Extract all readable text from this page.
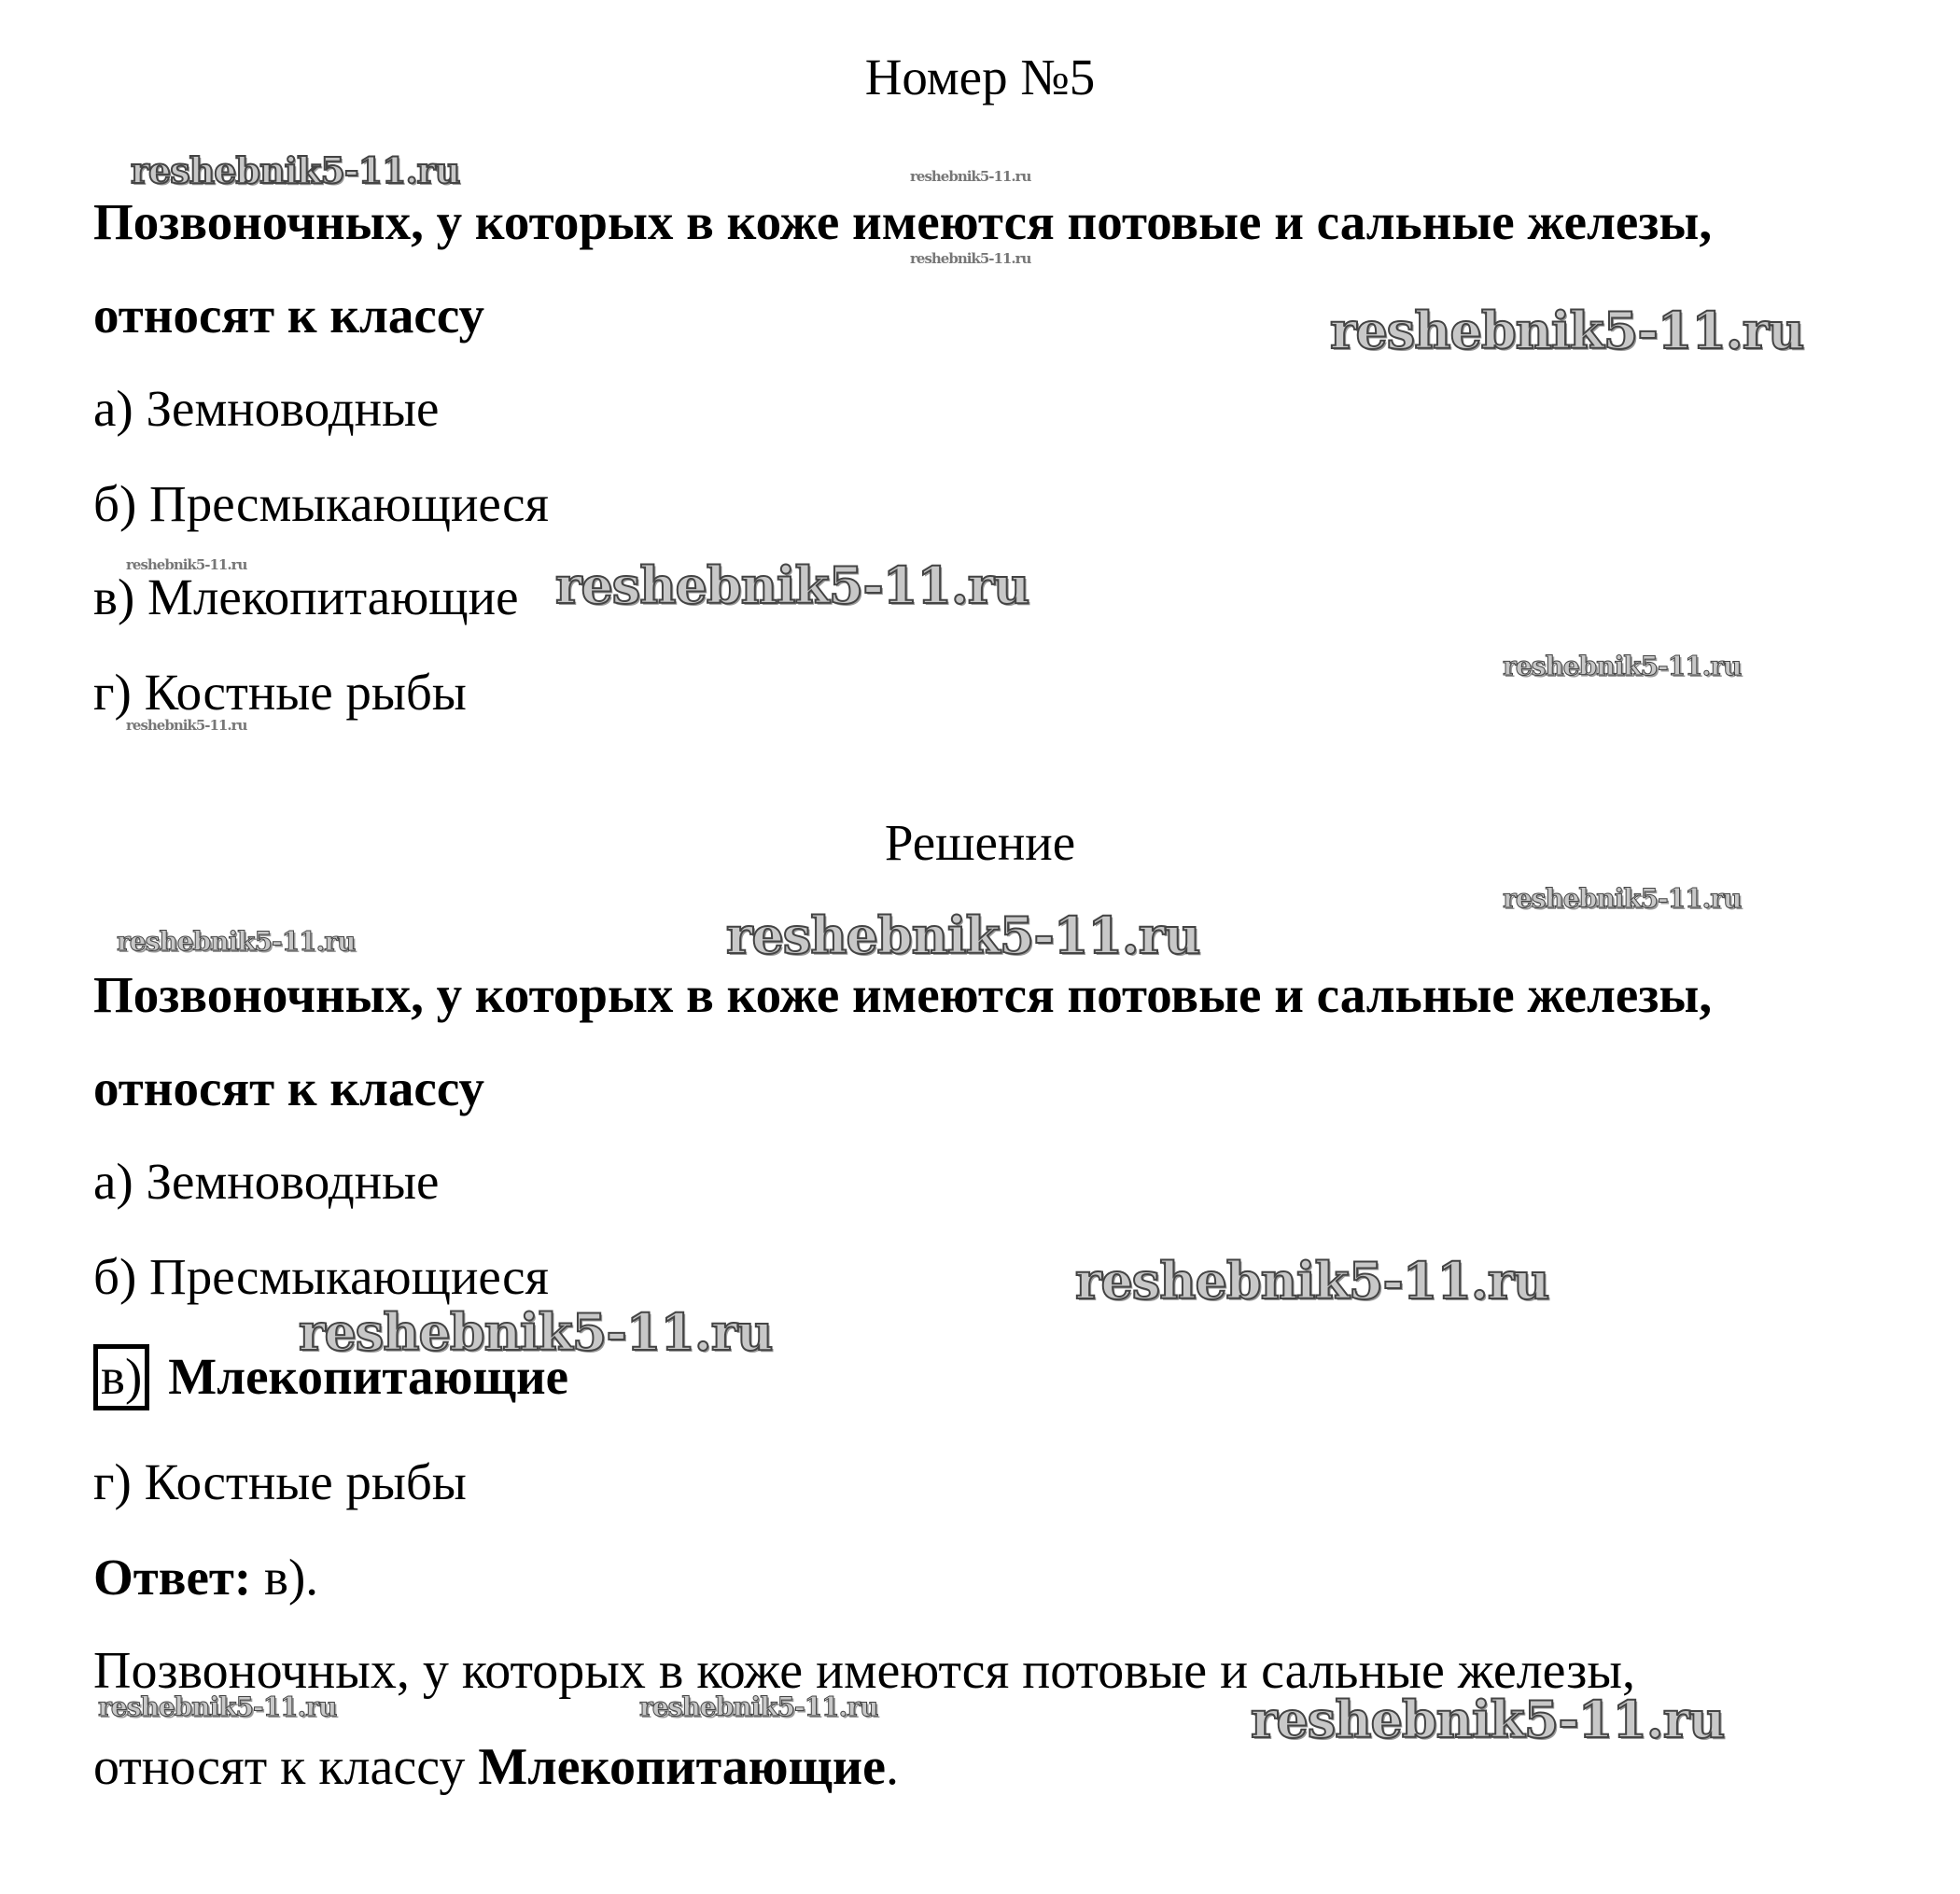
Номер №5
Позвоночных, у которых в коже имеются потовые и сальные железы,
относят к классу
а) Земноводные
б) Пресмыкающиеся
в) Млекопитающие
г) Костные рыбы
Решение
Позвоночных, у которых в коже имеются потовые и сальные железы,
относят к классу
а) Земноводные
б) Пресмыкающиеся
в) Млекопитающие
г) Костные рыбы
Ответ: в).
Позвоночных, у которых в коже имеются потовые и сальные железы,
относят к классу Млекопитающие.
reshebnik5-11.ru	reshebnik5-11.ru
reshebnik5-11.ru
reshebnik5-11.ru
reshebnik5-11.ru	reshebnik5-11.ru
reshebnik5-11.ru
reshebnik5-11.ru
reshebnik5-11.ru
reshebnik5-11.ru	reshebnik5-11.ru
reshebnik5-11.ru
reshebnik5-11.ru
reshebnik5-11.ru	reshebnik5-11.ru	reshebnik5-11.ru
